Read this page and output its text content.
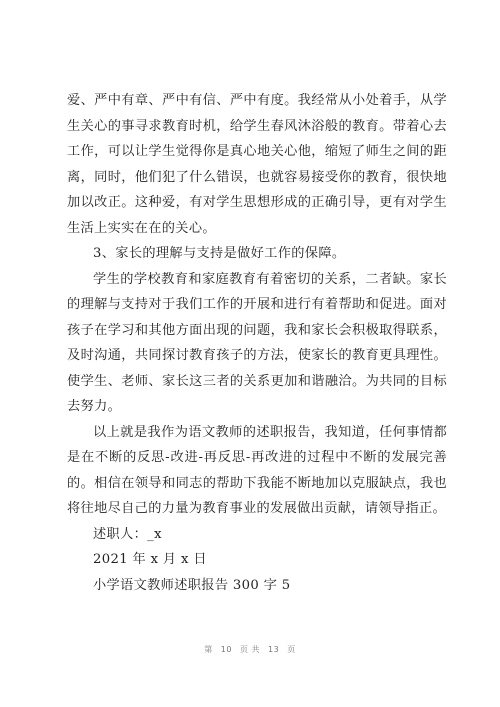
爱、严中有章、严中有信、严中有度。我经常从小处着手，从学生关心的事寻求教育时机，给学生春风沐浴般的教育。带着心去工作，可以让学生觉得你是真心地关心他，缩短了师生之间的距离，同时，他们犯了什么错误，也就容易接受你的教育，很快地加以改正。这种爱，有对学生思想形成的正确引导，更有对学生生活上实实在在的关心。

3、家长的理解与支持是做好工作的保障。

学生的学校教育和家庭教育有着密切的关系，二者缺。家长的理解与支持对于我们工作的开展和进行有着帮助和促进。面对孩子在学习和其他方面出现的问题，我和家长会积极取得联系，及时沟通，共同探讨教育孩子的方法，使家长的教育更具理性。使学生、老师、家长这三者的关系更加和谐融洽。为共同的目标去努力。

以上就是我作为语文教师的述职报告，我知道，任何事情都是在不断的反思-改进-再反思-再改进的过程中不断的发展完善的。相信在领导和同志的帮助下我能不断地加以克服缺点，我也将往地尽自己的力量为教育事业的发展做出贡献，请领导指正。

述职人：_x

2021 年 x 月 x 日

小学语文教师述职报告 300 字 5

第 10 页 共 13 页
